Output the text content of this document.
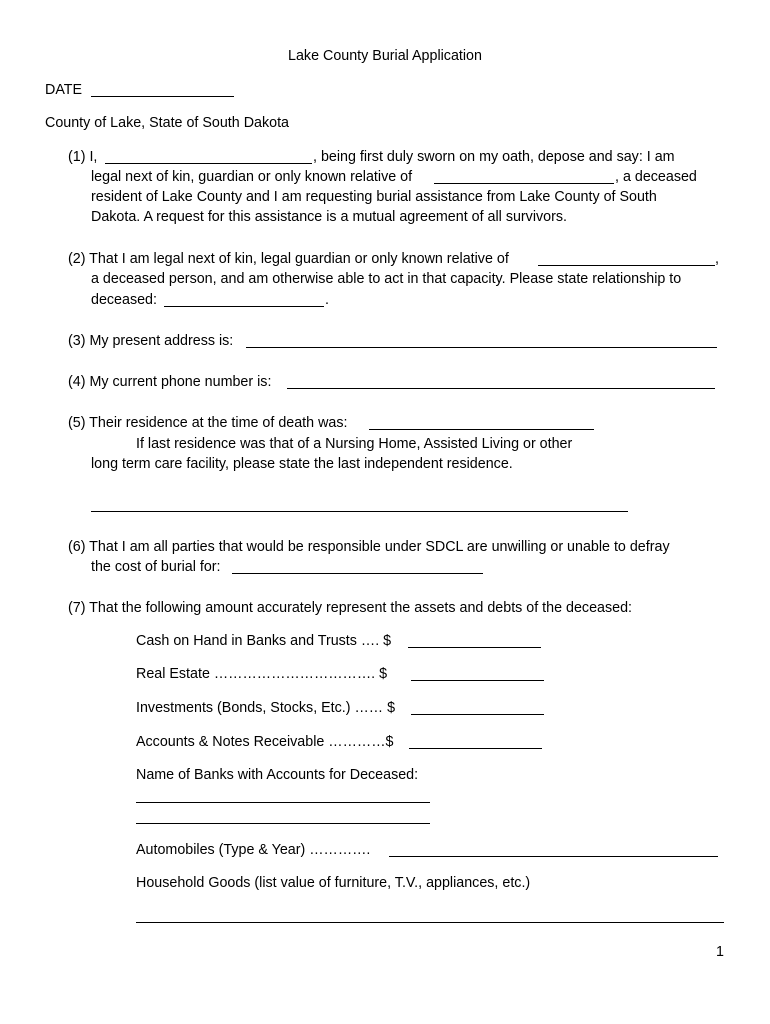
Lake County Burial Application
DATE
County of Lake, State of South Dakota
(1) I,	, being first duly sworn on my oath, depose and say: I am
legal next of kin, guardian or only known relative of	, a deceased
resident of Lake County and I am requesting burial assistance from Lake County of South
Dakota. A request for this assistance is a mutual agreement of all survivors.
(2) That I am legal next of kin, legal guardian or only known relative of	,
a deceased person, and am otherwise able to act in that capacity. Please state relationship to
deceased:	.
(3) My present address is:
(4) My current phone number is:
(5) Their residence at the time of death was:
If last residence was that of a Nursing Home, Assisted Living or other
long term care facility, please state the last independent residence.
(6) That I am all parties that would be responsible under SDCL are unwilling or unable to defray
the cost of burial for:
(7) That the following amount accurately represent the assets and debts of the deceased:
Cash on Hand in Banks and Trusts …. $
Real Estate ……………………………. $
Investments (Bonds, Stocks, Etc.) …… $
Accounts & Notes Receivable …………$
Name of Banks with Accounts for Deceased:
Automobiles (Type & Year) ………….
Household Goods (list value of furniture, T.V., appliances, etc.)
1
